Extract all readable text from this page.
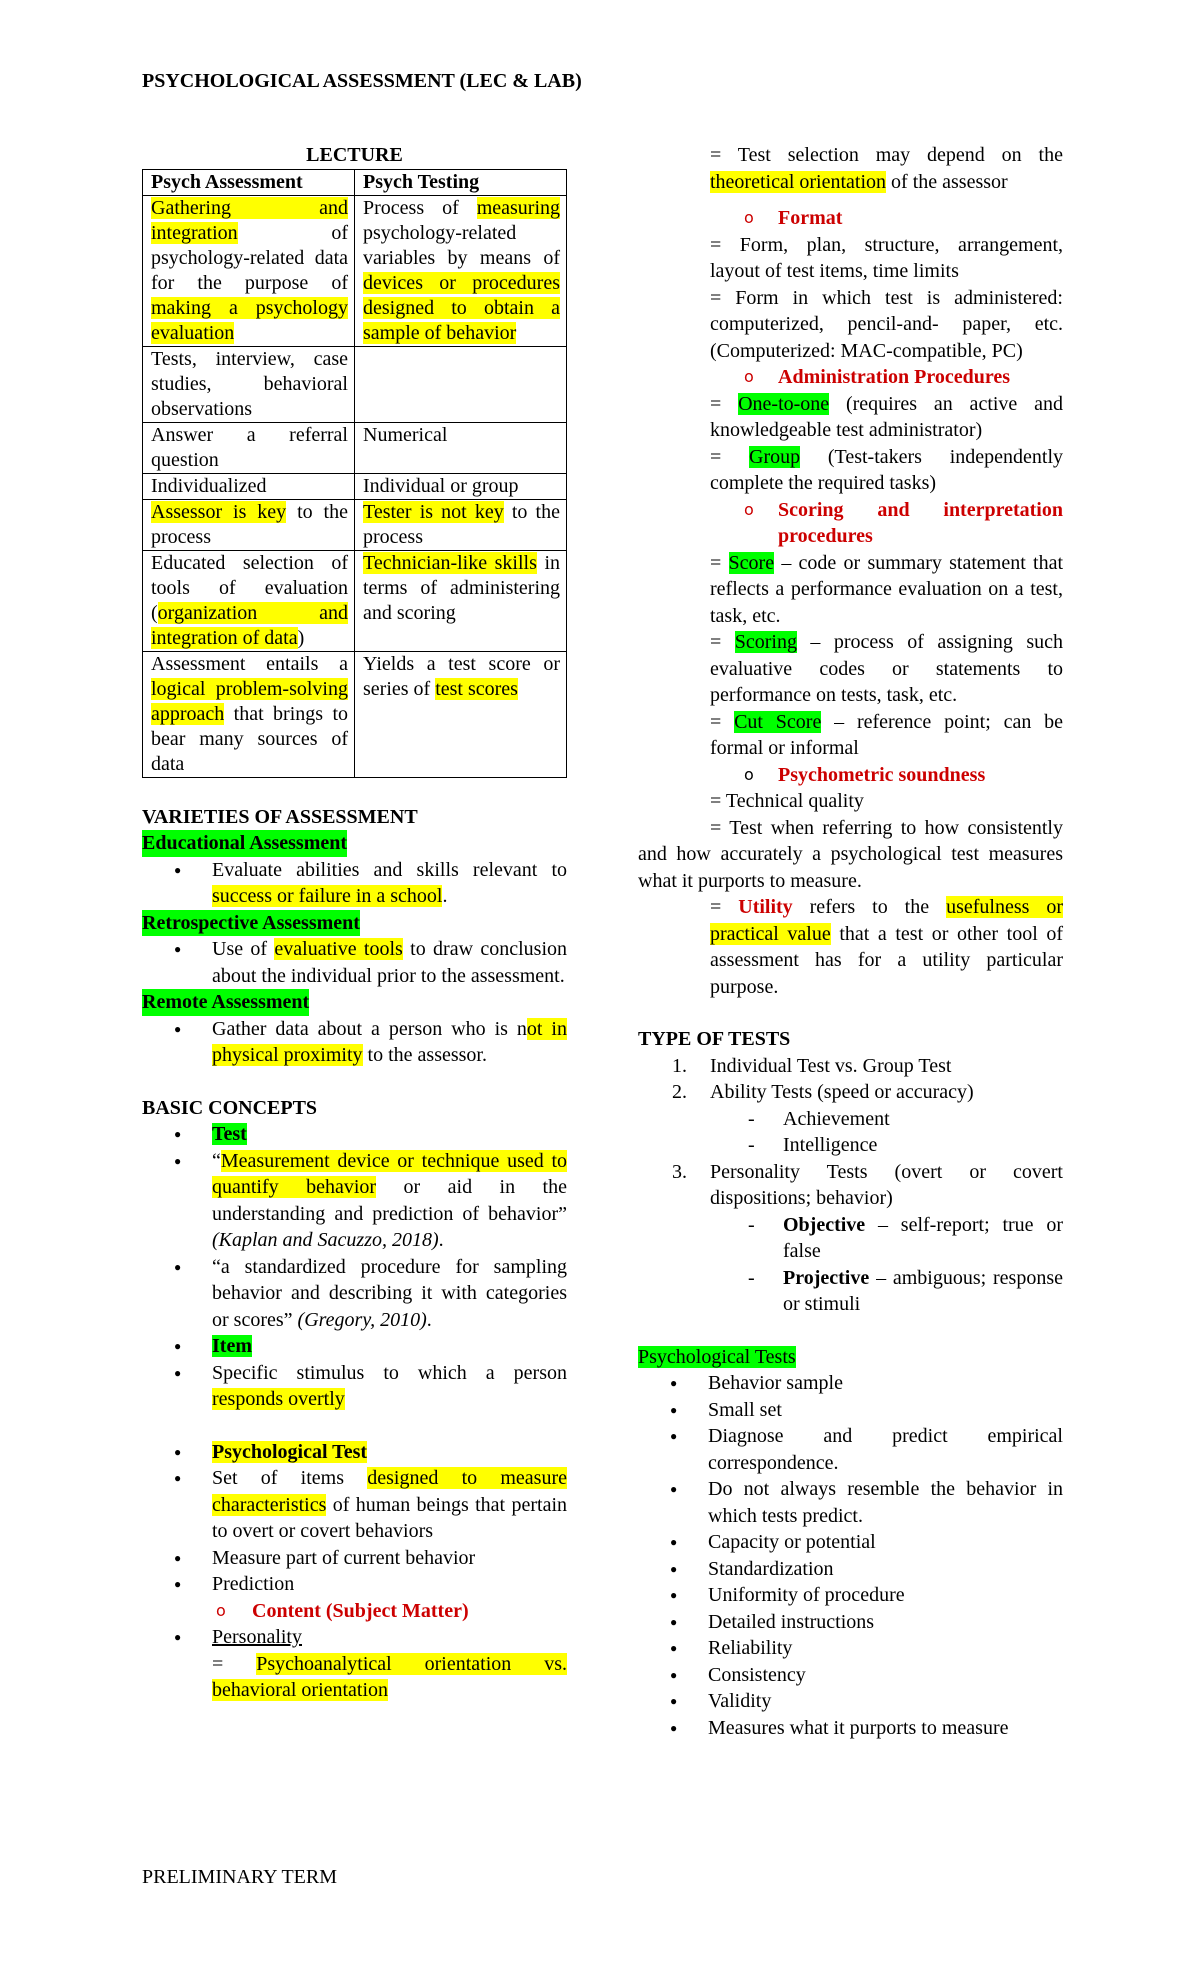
PSYCHOLOGICAL ASSESSMENT (LEC & LAB)
LECTURE
Psych Assessment	Psych Testing
Gathering and integration of psychology-related data for the purpose of making a psychology evaluation	Process of measuring psychology-related variables by means of devices or procedures designed to obtain a sample of behavior
Tests, interview, case studies, behavioral observations	
Answer a referral question	Numerical
Individualized	Individual or group
Assessor is key to the process	Tester is not key to the process
Educated selection of tools of evaluation (organization and integration of data)	Technician-like skills in terms of administering and scoring
Assessment entails a logical problem-solving approach that brings to bear many sources of data	Yields a test score or series of test scores
VARIETIES OF ASSESSMENT
Educational Assessment
● Evaluate abilities and skills relevant to success or failure in a school.
Retrospective Assessment
● Use of evaluative tools to draw conclusion about the individual prior to the assessment.
Remote Assessment
● Gather data about a person who is not in physical proximity to the assessor.
BASIC CONCEPTS
● Test
● “Measurement device or technique used to quantify behavior or aid in the understanding and prediction of behavior” (Kaplan and Sacuzzo, 2018).
● “a standardized procedure for sampling behavior and describing it with categories or scores” (Gregory, 2010).
● Item
● Specific stimulus to which a person responds overtly
● Psychological Test
● Set of items designed to measure characteristics of human beings that pertain to overt or covert behaviors
● Measure part of current behavior
● Prediction
o Content (Subject Matter)
● Personality
= Psychoanalytical orientation vs. behavioral orientation
= Test selection may depend on the theoretical orientation of the assessor
o Format
= Form, plan, structure, arrangement, layout of test items, time limits
= Form in which test is administered: computerized, pencil-and- paper, etc. (Computerized: MAC-compatible, PC)
o Administration Procedures
= One-to-one (requires an active and knowledgeable test administrator)
= Group (Test-takers independently complete the required tasks)
o Scoring and interpretation procedures
= Score – code or summary statement that reflects a performance evaluation on a test, task, etc.
= Scoring – process of assigning such evaluative codes or statements to performance on tests, task, etc.
= Cut Score – reference point; can be formal or informal
o Psychometric soundness
= Technical quality
= Test when referring to how consistently and how accurately a psychological test measures what it purports to measure.
= Utility refers to the usefulness or practical value that a test or other tool of assessment has for a utility particular purpose.
TYPE OF TESTS
1. Individual Test vs. Group Test
2. Ability Tests (speed or accuracy)
- Achievement
- Intelligence
3. Personality Tests (overt or covert dispositions; behavior)
- Objective – self-report; true or false
- Projective – ambiguous; response or stimuli
Psychological Tests
● Behavior sample
● Small set
● Diagnose and predict empirical correspondence.
● Do not always resemble the behavior in which tests predict.
● Capacity or potential
● Standardization
● Uniformity of procedure
● Detailed instructions
● Reliability
● Consistency
● Validity
● Measures what it purports to measure
PRELIMINARY TERM
